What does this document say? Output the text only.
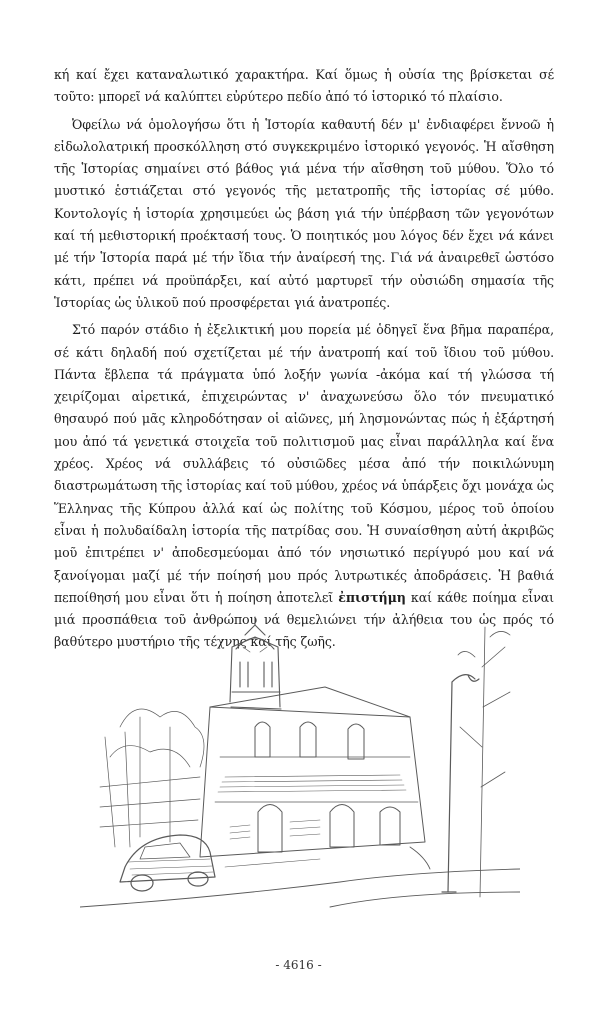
κή καί ἔχει καταναλωτικό χαρακτήρα. Καί ὅμως ἡ οὐσία της βρίσκεται σέ τοῦτο: μπορεῖ νά καλύπτει εὐρύτερο πεδίο ἀπό τό ἱστορικό τό πλαίσιο.

Ὀφείλω νά ὁμολογήσω ὅτι ἡ Ἱστορία καθαυτή δέν μ' ἐνδιαφέρει ἔννοῶ ἡ εἰδωλολατρική προσκόλληση στό συγκεκριμένο ἱστορικό γεγονός. Ἡ αἴσθηση τῆς Ἱστορίας σημαίνει στό βάθος γιά μένα τήν αἴσθηση τοῦ μύθου. Ὅλο τό μυστικό ἑστιάζεται στό γεγονός τῆς μετατροπῆς τῆς ἱστορίας σέ μύθο. Κοντολογίς ἡ ἱστορία χρησιμεύει ὡς βάση γιά τήν ὑπέρβαση τῶν γεγονότων καί τή μεθιστορική προέκτασή τους. Ὁ ποιητικός μου λόγος δέν ἔχει νά κάνει μέ τήν Ἱστορία παρά μέ τήν ἴδια τήν ἀναίρεσή της. Γιά νά ἀναιρεθεῖ ὡστόσο κάτι, πρέπει νά προϋπάρξει, καί αὐτό μαρτυρεῖ τήν οὐσιώδη σημασία τῆς Ἱστορίας ὡς ὑλικοῦ πού προσφέρεται γιά ἀνατροπές.

Στό παρόν στάδιο ἡ ἐξελικτική μου πορεία μέ ὁδηγεῖ ἕνα βῆμα παραπέρα, σέ κάτι δηλαδή πού σχετίζεται μέ τήν ἀνατροπή καί τοῦ ἴδιου τοῦ μύθου. Πάντα ἔβλεπα τά πράγματα ὑπό λοξήν γωνία -ἀκόμα καί τή γλώσσα τή χειρίζομαι αἱρετικά, ἐπιχειρώντας ν' ἀναχωνεύσω ὅλο τόν πνευματικό θησαυρό πού μᾶς κληροδότησαν οἱ αἰῶνες, μή λησμονώντας πώς ἡ ἐξάρτησή μου ἀπό τά γενετικά στοιχεῖα τοῦ πολιτισμοῦ μας εἶναι παράλληλα καί ἕνα χρέος. Χρέος νά συλλάβεις τό οὐσιῶδες μέσα ἀπό τήν ποικιλώνυμη διαστρωμάτωση τῆς ἱστορίας καί τοῦ μύθου, χρέος νά ὑπάρξεις ὄχι μονάχα ὡς Ἕλληνας τῆς Κύπρου ἀλλά καί ὡς πολίτης τοῦ Κόσμου, μέρος τοῦ ὁποίου εἶναι ἡ πολυδαίδαλη ἱστορία τῆς πατρίδας σου. Ἡ συναίσθηση αὐτή ἀκριβῶς μοῦ ἐπιτρέπει ν' ἀποδεσμεύομαι ἀπό τόν νησιωτικό περίγυρό μου καί νά ξανοίγομαι μαζί μέ τήν ποίησή μου πρός λυτρωτικές ἀποδράσεις. Ἡ βαθιά πεποίθησή μου εἶναι ὅτι ἡ ποίηση ἀποτελεῖ ἐπιστήμη καί κάθε ποίημα εἶναι μιά προσπάθεια τοῦ ἀνθρώπου νά θεμελιώνει τήν ἀλήθεια του ὡς πρός τό βαθύτερο μυστήριο τῆς τέχνης καί τῆς ζωῆς.

- 4616 -
